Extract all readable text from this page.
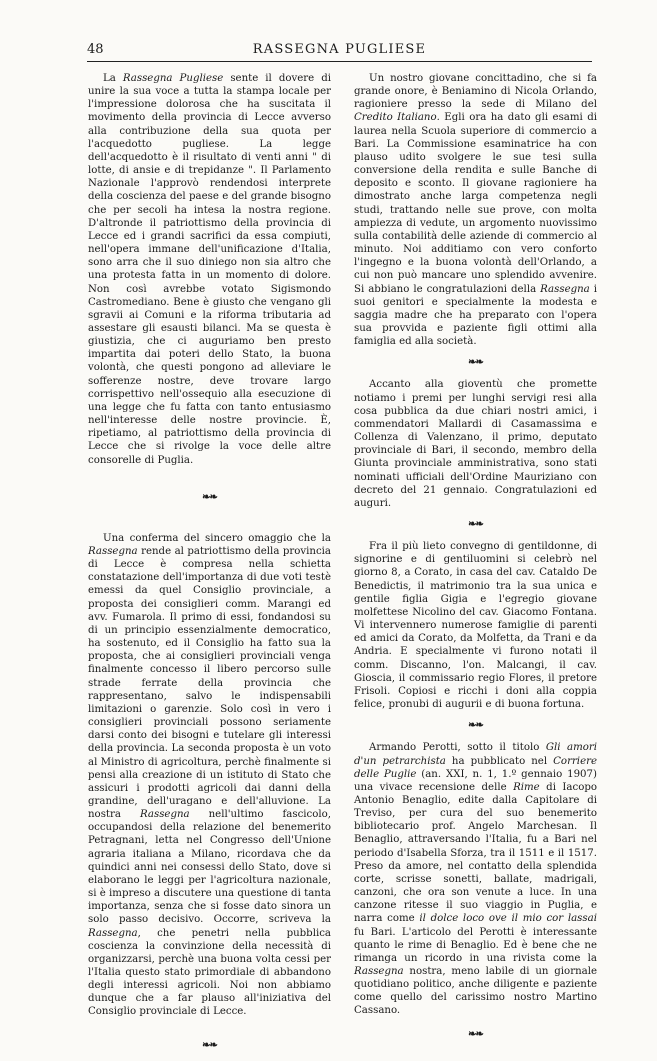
48	RASSEGNA PUGLIESE

La Rassegna Pugliese sente il dovere di unire la sua voce a tutta la stampa locale per l'impressione dolorosa che ha suscitata il movimento della provincia di Lecce avverso alla contribuzione della sua quota per l'acquedotto pugliese. La legge dell'acquedotto è il risultato di venti anni " di lotte, di ansie e di trepidanze ". Il Parlamento Nazionale l'approvò rendendosi interprete della coscienza del paese e del grande bisogno che per secoli ha intesa la nostra regione. D'altronde il patriottismo della provincia di Lecce ed i grandi sacrifici da essa compiuti, nell'opera immane dell'unificazione d'Italia, sono arra che il suo diniego non sia altro che una protesta fatta in un momento di dolore. Non così avrebbe votato Sigismondo Castromediano. Bene è giusto che vengano gli sgravii ai Comuni e la riforma tributaria ad assestare gli esausti bilanci. Ma se questa è giustizia, che ci auguriamo ben presto impartita dai poteri dello Stato, la buona volontà, che questi pongono ad alleviare le sofferenze nostre, deve trovare largo corrispettivo nell'ossequio alla esecuzione di una legge che fu fatta con tanto entusiasmo nell'interesse delle nostre provincie. È, ripetiamo, al patriottismo della provincia di Lecce che si rivolge la voce delle altre consorelle di Puglia.

❧❧

Una conferma del sincero omaggio che la Rassegna rende al patriottismo della provincia di Lecce è compresa nella schietta constatazione dell'importanza di due voti testè emessi da quel Consiglio provinciale, a proposta dei consiglieri comm. Marangi ed avv. Fumarola. Il primo di essi, fondandosi su di un principio essenzialmente democratico, ha sostenuto, ed il Consiglio ha fatto sua la proposta, che ai consiglieri provinciali venga finalmente concesso il libero percorso sulle strade ferrate della provincia che rappresentano, salvo le indispensabili limitazioni o garenzie. Solo così in vero i consiglieri provinciali possono seriamente darsi conto dei bisogni e tutelare gli interessi della provincia. La seconda proposta è un voto al Ministro di agricoltura, perchè finalmente si pensi alla creazione di un istituto di Stato che assicuri i prodotti agricoli dai danni della grandine, dell'uragano e dell'alluvione. La nostra Rassegna nell'ultimo fascicolo, occupandosi della relazione del benemerito Petragnani, letta nel Congresso dell'Unione agraria italiana a Milano, ricordava che da quindici anni nei consessi dello Stato, dove si elaborano le leggi per l'agricoltura nazionale, si è impreso a discutere una questione di tanta importanza, senza che si fosse dato sinora un solo passo decisivo. Occorre, scriveva la Rassegna, che penetri nella pubblica coscienza la convinzione della necessità di organizzarsi, perchè una buona volta cessi per l'Italia questo stato primordiale di abbandono degli interessi agricoli. Noi non abbiamo dunque che a far plauso all'iniziativa del Consiglio provinciale di Lecce.

❧❧

Un nostro giovane concittadino, che si fa grande onore, è Beniamino di Nicola Orlando, ragioniere presso la sede di Milano del Credito Italiano. Egli ora ha dato gli esami di laurea nella Scuola superiore di commercio a Bari. La Commissione esaminatrice ha con plauso udito svolgere le sue tesi sulla conversione della rendita e sulle Banche di deposito e sconto. Il giovane ragioniere ha dimostrato anche larga competenza negli studi, trattando nelle sue prove, con molta ampiezza di vedute, un argomento nuovissimo sulla contabilità delle aziende di commercio al minuto. Noi additiamo con vero conforto l'ingegno e la buona volontà dell'Orlando, a cui non può mancare uno splendido avvenire. Si abbiano le congratulazioni della Rassegna i suoi genitori e specialmente la modesta e saggia madre che ha preparato con l'opera sua provvida e paziente figli ottimi alla famiglia ed alla società.

❧❧

Accanto alla gioventù che promette notiamo i premi per lunghi servigi resi alla cosa pubblica da due chiari nostri amici, i commendatori Mallardi di Casamassima e Collenza di Valenzano, il primo, deputato provinciale di Bari, il secondo, membro della Giunta provinciale amministrativa, sono stati nominati ufficiali dell'Ordine Mauriziano con decreto del 21 gennaio. Congratulazioni ed auguri.

❧❧

Fra il più lieto convegno di gentildonne, di signorine e di gentiluomini si celebrò nel giorno 8, a Corato, in casa del cav. Cataldo De Benedictis, il matrimonio tra la sua unica e gentile figlia Gigia e l'egregio giovane molfettese Nicolino del cav. Giacomo Fontana. Vi intervennero numerose famiglie di parenti ed amici da Corato, da Molfetta, da Trani e da Andria. E specialmente vi furono notati il comm. Discanno, l'on. Malcangi, il cav. Gioscia, il commissario regio Flores, il pretore Frisoli. Copiosi e ricchi i doni alla coppia felice, pronubi di augurii e di buona fortuna.

❧❧

Armando Perotti, sotto il titolo Gli amori d'un petrarchista ha pubblicato nel Corriere delle Puglie (an. XXI, n. 1, 1.º gennaio 1907) una vivace recensione delle Rime di Iacopo Antonio Benaglio, edite dalla Capitolare di Treviso, per cura del suo benemerito bibliotecario prof. Angelo Marchesan. Il Benaglio, attraversando l'Italia, fu a Bari nel periodo d'Isabella Sforza, tra il 1511 e il 1517. Preso da amore, nel contatto della splendida corte, scrisse sonetti, ballate, madrigali, canzoni, che ora son venute a luce. In una canzone ritesse il suo viaggio in Puglia, e narra come il dolce loco ove il mio cor lassai fu Bari. L'articolo del Perotti è interessante quanto le rime di Benaglio. Ed è bene che ne rimanga un ricordo in una rivista come la Rassegna nostra, meno labile di un giornale quotidiano politico, anche diligente e paziente come quello del carissimo nostro Martino Cassano.

❧❧
